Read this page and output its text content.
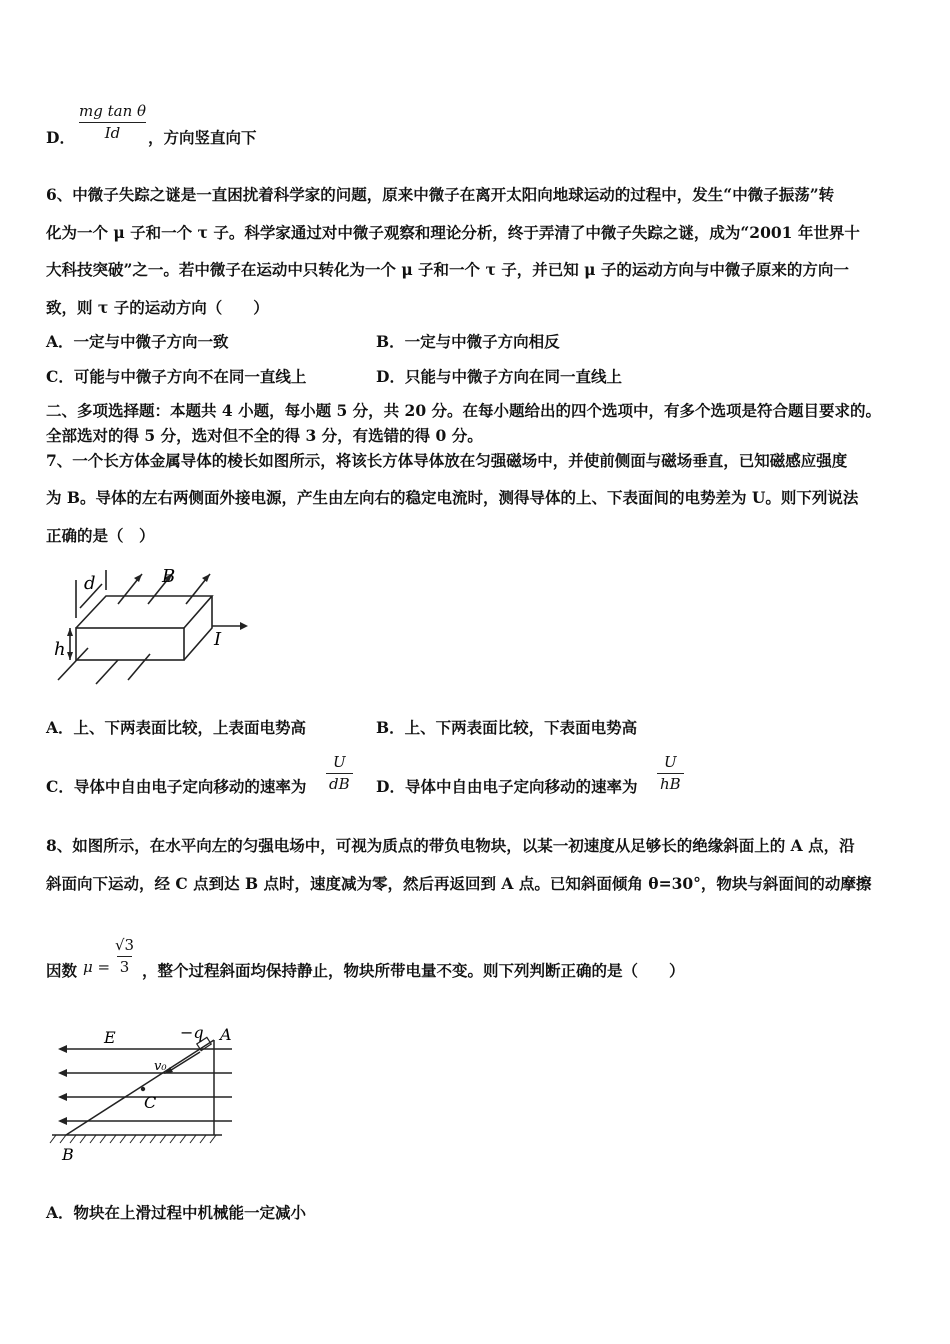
D． $\frac{\text{mg tan θ}}{Id}$
，方向竖直向下
6、中微子失踪之谜是一直困扰着科学家的问题，原来中微子在离开太阳向地球运动的过程中，发生“中微子振荡”转
化为一个 μ 子和一个 τ 子。科学家通过对中微子观察和理论分析，终于弄清了中微子失踪之谜，成为“2001 年世界十
大科技突破”之一。若中微子在运动中只转化为一个 μ 子和一个 τ 子，并已知 μ 子的运动方向与中微子原来的方向一
致，则 τ 子的运动方向（　　）
A．一定与中微子方向一致	B．一定与中微子方向相反
C．可能与中微子方向不在同一直线上	D．只能与中微子方向在同一直线上
二、多项选择题：本题共 4 小题，每小题 5 分，共 20 分。在每小题给出的四个选项中，有多个选项是符合题目要求的。
全部选对的得 5 分，选对但不全的得 3 分，有选错的得 0 分。
7、一个长方体金属导体的棱长如图所示，将该长方体导体放在匀强磁场中，并使前侧面与磁场垂直，已知磁感应强度
为 B。导体的左右两侧面外接电源，产生由左向右的稳定电流时，测得导体的上、下表面间的电势差为 U。则下列说法
正确的是（　）
d	B
h	I
A．上、下两表面比较，上表面电势高	B．上、下两表面比较，下表面电势高
C．导体中自由电子定向移动的速率为 $\frac{U}{dB}$ D．导体中自由电子定向移动的速率为 $\frac{U}{hB}$
8、如图所示，在水平向左的匀强电场中，可视为质点的带负电物块，以某一初速度从足够长的绝缘斜面上的 A 点，沿
斜面向下运动，经 C 点到达 B 点时，速度减为零，然后再返回到 A 点。已知斜面倾角 θ=30°，物块与斜面间的动摩擦
因数 $\mu = \frac{√3}{3}$ ，整个过程斜面均保持静止，物块所带电量不变。则下列判断正确的是（　　）
E	−q A
v₀
C
B
A．物块在上滑过程中机械能一定减小
